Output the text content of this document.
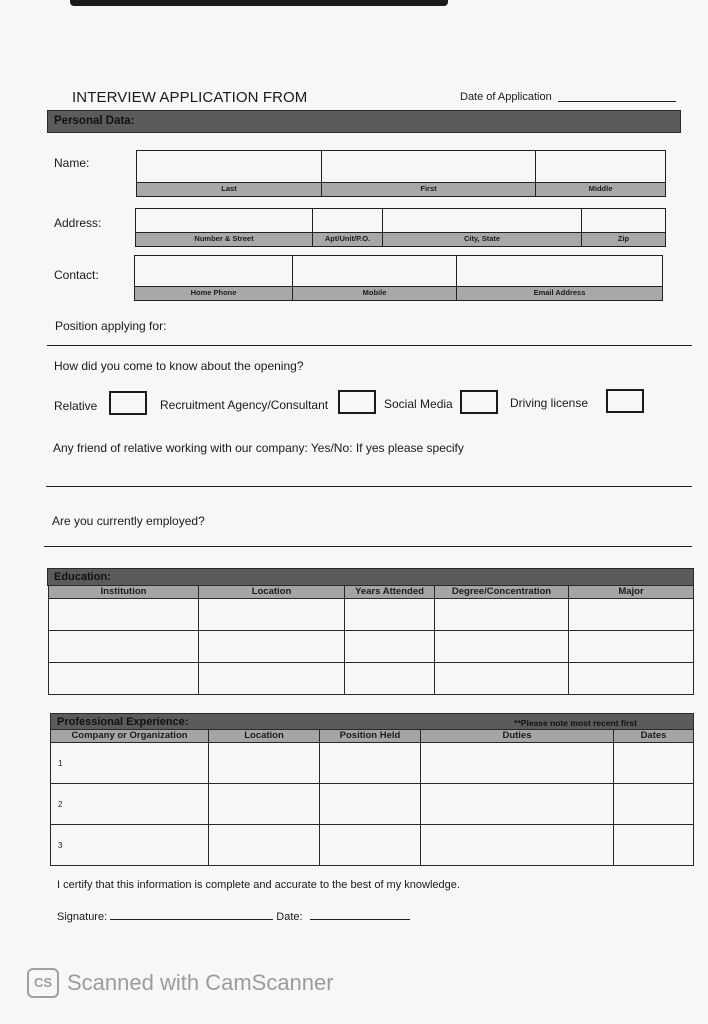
INTERVIEW APPLICATION FROM	Date of Application
Personal Data:
Name:
Last	First	Middle
Address:
Number & Street	Apt/Unit/P.O.	City, State	Zip
Contact:
Home Phone	Mobile	Email Address
Position applying for:
How did you come to know about the opening?
Relative	Recruitment Agency/Consultant	Social Media	Driving license
Any friend of relative working with our company: Yes/No: If yes please specify
Are you currently employed?
Education:
Institution	Location	Years Attended	Degree/Concentration	Major

Professional Experience:	**Please note most recent first
Company or Organization	Location	Position Held	Duties	Dates
1				
2				
3				
I certify that this information is complete and accurate to the best of my knowledge.
Signature:	Date:
CS Scanned with CamScanner
